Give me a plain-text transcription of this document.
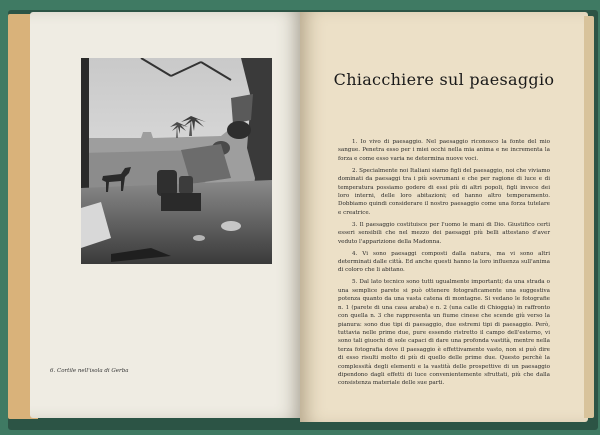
6. Cortile nell'isola di Gerba
Chiacchiere sul paesaggio

1. Io vivo di paesaggio. Nel paesaggio riconosco la fonte del mio sangue. Penetra esso per i miei occhi nella mia anima e ne incrementa la forza e come esso varia ne determina nuove voci.

2. Specialmente noi Italiani siamo figli del paesaggio, noi che viviamo dominati da paesaggi tra i più sovrumani e che per ragione di luce e di temperatura possiamo godere di essi più di altri popoli, figli invece dei loro interni, delle loro abitazioni; ed hanno altro temperamento. Dobbiamo quindi considerare il nostro paesaggio come una forza tutelare e creatrice.

3. Il paesaggio costituisce per l'uomo le mani di Dio. Giustifico certi esseri sensibili che nel mezzo dei paesaggi più belli attestano d'aver veduto l'apparizione della Madonna.

4. Vi sono paesaggi composti dalla natura, ma vi sono altri determinati dalle città. Ed anche questi hanno la loro influenza sull'anima di coloro che li abitano.

5. Dal lato tecnico sono tutti ugualmente importanti; da una strada o una semplice parete si può ottenere fotograficamente una suggestiva potenza quanto da una vasta catena di montagne. Si vedano le fotografie n. 1 (parete di una casa araba) e n. 2 (una calle di Chioggia) in raffronto con quella n. 3 che rappresenta un fiume cinese che scende giù verso la pianura: sono due tipi di paesaggio, due estremi tipi di paesaggio. Però, tuttavia nelle prime due, pure essendo ristretto il campo dell'esterno, vi sono tali giuochi di sole capaci di dare una profonda vastità, mentre nella terza fotografia dove il paesaggio è effettivamente vasto, non si può dire di esso risulti molto di più di quello delle prime due. Questo perchè la complessità degli elementi e la vastità delle prospettive di un paesaggio dipendono dagli effetti di luce convenientemente sfruttati, più che dalla consistenza materiale delle sue parti.
